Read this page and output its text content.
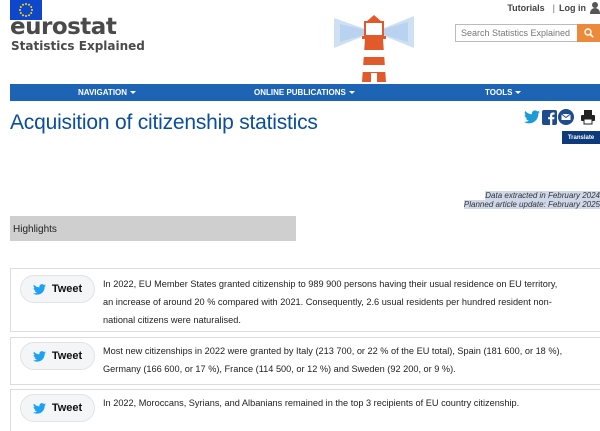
Tutorials | Log in
eurostat
Statistics Explained
Search Statistics Explained
NAVIGATION	ONLINE PUBLICATIONS	TOOLS
Acquisition of citizenship statistics
Translate
Data extracted in February 2024
Planned article update: February 2025
Highlights
Tweet In 2022, EU Member States granted citizenship to 989 900 persons having their usual residence on EU territory, an increase of around 20 % compared with 2021. Consequently, 2.6 usual residents per hundred resident non-national citizens were naturalised.
Tweet Most new citizenships in 2022 were granted by Italy (213 700, or 22 % of the EU total), Spain (181 600, or 18 %), Germany (166 600, or 17 %), France (114 500, or 12 %) and Sweden (92 200, or 9 %).
Tweet In 2022, Moroccans, Syrians, and Albanians remained in the top 3 recipients of EU country citizenship.
